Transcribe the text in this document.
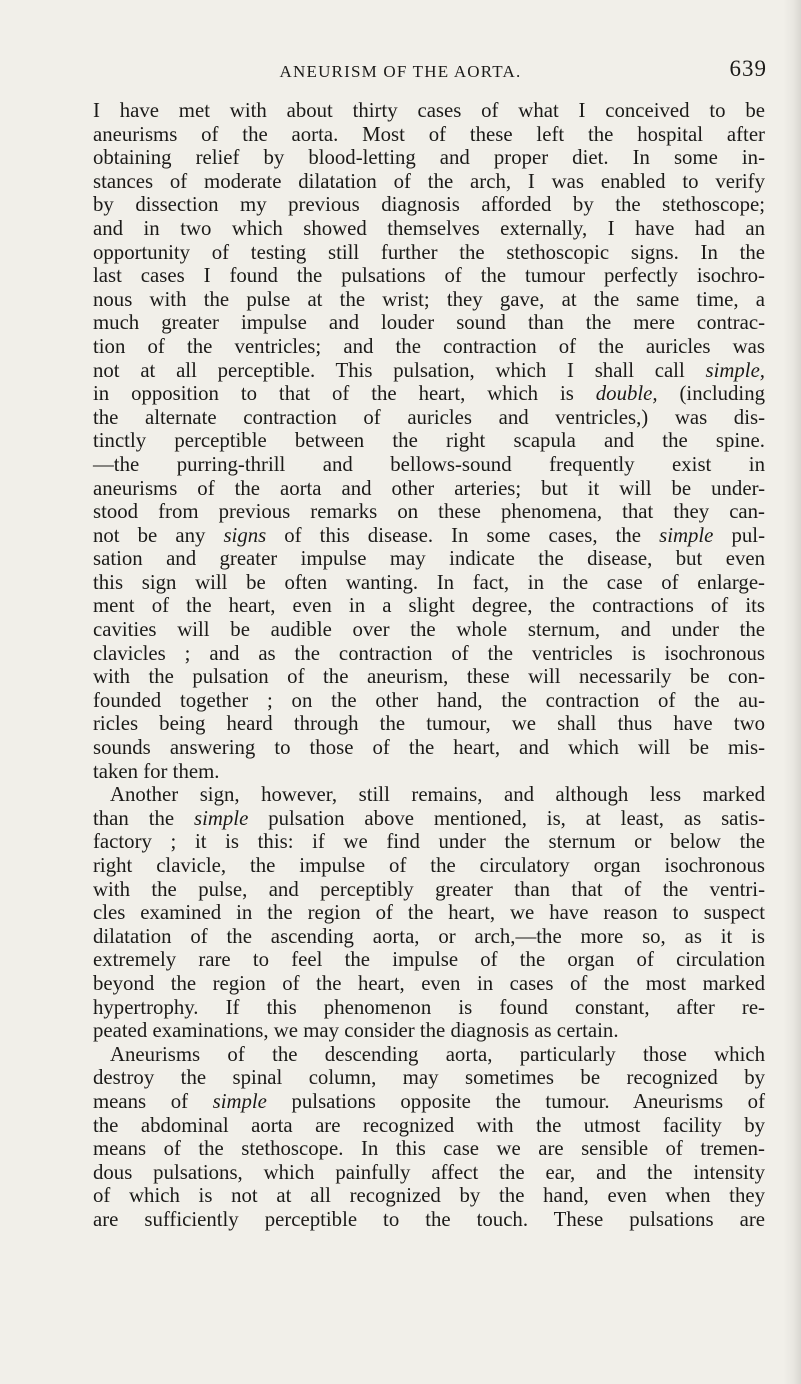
ANEURISM OF THE AORTA.	639
I have met with about thirty cases of what I conceived to be
aneurisms of the aorta. Most of these left the hospital after
obtaining relief by blood-letting and proper diet. In some in-
stances of moderate dilatation of the arch, I was enabled to verify
by dissection my previous diagnosis afforded by the stethoscope;
and in two which showed themselves externally, I have had an
opportunity of testing still further the stethoscopic signs. In the
last cases I found the pulsations of the tumour perfectly isochro-
nous with the pulse at the wrist; they gave, at the same time, a
much greater impulse and louder sound than the mere contrac-
tion of the ventricles; and the contraction of the auricles was
not at all perceptible. This pulsation, which I shall call simple,
in opposition to that of the heart, which is double, (including
the alternate contraction of auricles and ventricles,) was dis-
tinctly perceptible between the right scapula and the spine.
—the purring-thrill and bellows-sound frequently exist in
aneurisms of the aorta and other arteries; but it will be under-
stood from previous remarks on these phenomena, that they can-
not be any signs of this disease. In some cases, the simple pul-
sation and greater impulse may indicate the disease, but even
this sign will be often wanting. In fact, in the case of enlarge-
ment of the heart, even in a slight degree, the contractions of its
cavities will be audible over the whole sternum, and under the
clavicles ; and as the contraction of the ventricles is isochronous
with the pulsation of the aneurism, these will necessarily be con-
founded together ; on the other hand, the contraction of the au-
ricles being heard through the tumour, we shall thus have two
sounds answering to those of the heart, and which will be mis-
taken for them.
Another sign, however, still remains, and although less marked
than the simple pulsation above mentioned, is, at least, as satis-
factory ; it is this: if we find under the sternum or below the
right clavicle, the impulse of the circulatory organ isochronous
with the pulse, and perceptibly greater than that of the ventri-
cles examined in the region of the heart, we have reason to suspect
dilatation of the ascending aorta, or arch,—the more so, as it is
extremely rare to feel the impulse of the organ of circulation
beyond the region of the heart, even in cases of the most marked
hypertrophy. If this phenomenon is found constant, after re-
peated examinations, we may consider the diagnosis as certain.
Aneurisms of the descending aorta, particularly those which
destroy the spinal column, may sometimes be recognized by
means of simple pulsations opposite the tumour. Aneurisms of
the abdominal aorta are recognized with the utmost facility by
means of the stethoscope. In this case we are sensible of tremen-
dous pulsations, which painfully affect the ear, and the intensity
of which is not at all recognized by the hand, even when they
are sufficiently perceptible to the touch. These pulsations are
